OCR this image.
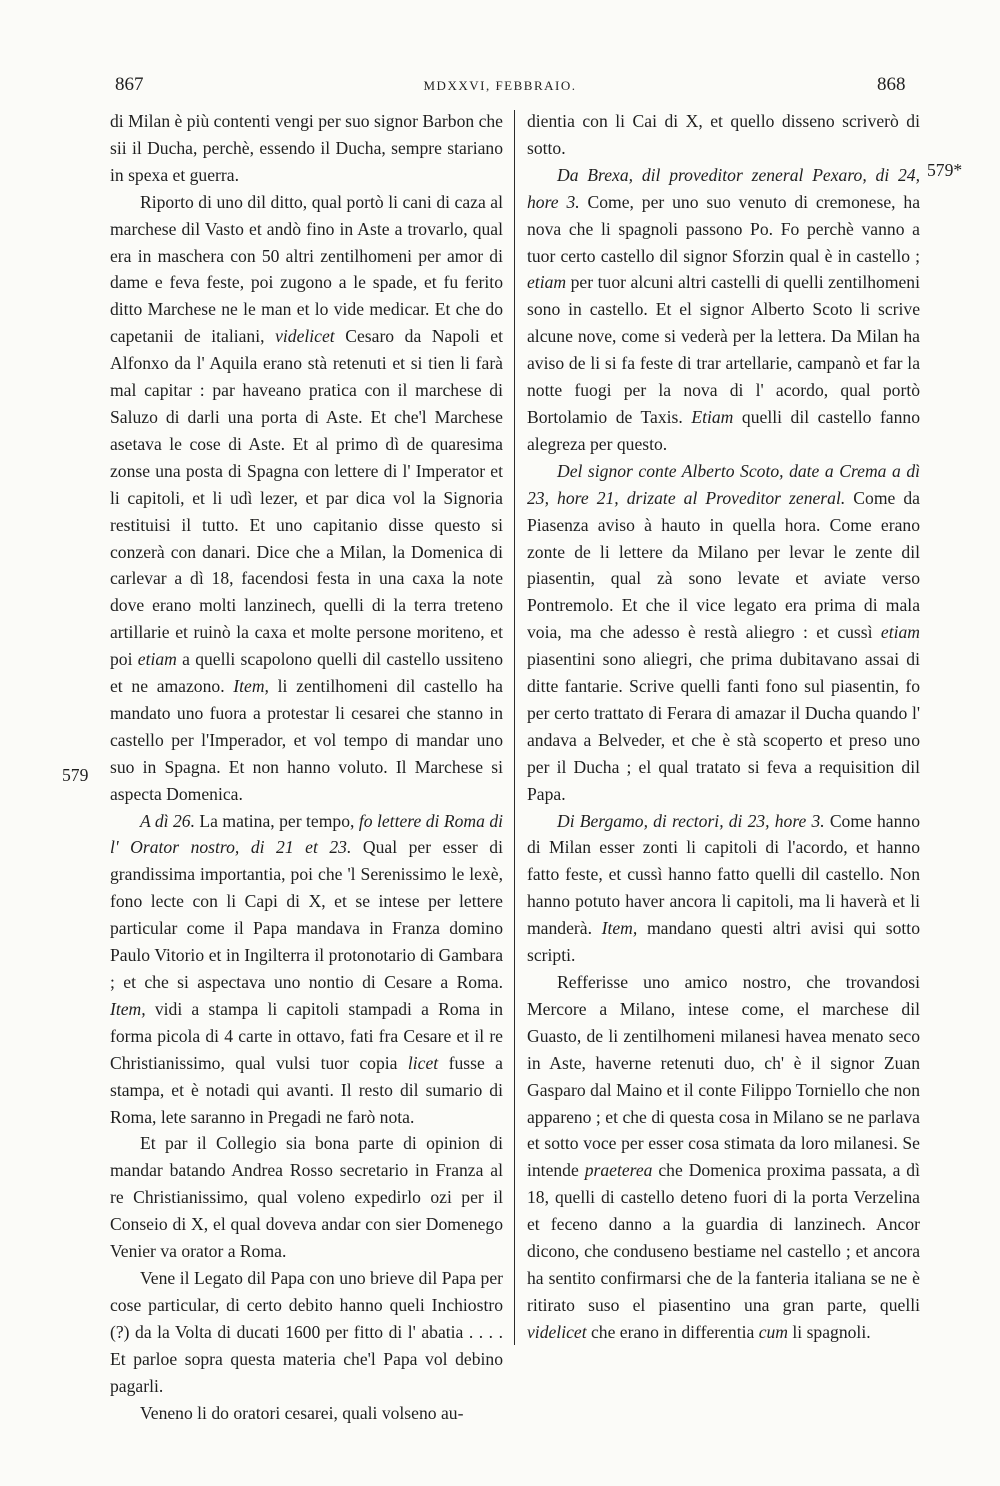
867	MDXXVI, FEBBRAIO.	868
579
579*

di Milan è più contenti vengi per suo signor Barbon che sii il Ducha, perchè, essendo il Ducha, sempre stariano in spexa et guerra.

Riporto di uno dil ditto, qual portò li cani di caza al marchese dil Vasto et andò fino in Aste a trovarlo, qual era in maschera con 50 altri zentilhomeni per amor di dame e feva feste, poi zugono a le spade, et fu ferito ditto Marchese ne le man et lo vide medicar. Et che do capetanii de italiani, videlicet Cesaro da Napoli et Alfonxo da l' Aquila erano stà retenuti et si tien li farà mal capitar : par haveano pratica con il marchese di Saluzo di darli una porta di Aste. Et che'l Marchese asetava le cose di Aste. Et al primo dì de quaresima zonse una posta di Spagna con lettere di l' Imperator et li capitoli, et li udì lezer, et par dica vol la Signoria restituisi il tutto. Et uno capitanio disse questo si conzerà con danari. Dice che a Milan, la Domenica di carlevar a dì 18, facendosi festa in una caxa la note dove erano molti lanzinech, quelli di la terra treteno artillarie et ruinò la caxa et molte persone moriteno, et poi etiam a quelli scapolono quelli dil castello ussiteno et ne amazono. Item, li zentilhomeni dil castello ha mandato uno fuora a protestar li cesarei che stanno in castello per l'Imperador, et vol tempo di mandar uno suo in Spagna. Et non hanno voluto. Il Marchese si aspecta Domenica.

A dì 26. La matina, per tempo, fo lettere di Roma di l' Orator nostro, di 21 et 23. Qual per esser di grandissima importantia, poi che 'l Serenissimo le lexè, fono lecte con li Capi di X, et se intese per lettere particular come il Papa mandava in Franza domino Paulo Vitorio et in Ingilterra il protonotario di Gambara ; et che si aspectava uno nontio di Cesare a Roma. Item, vidi a stampa li capitoli stampadi a Roma in forma picola di 4 carte in ottavo, fati fra Cesare et il re Christianissimo, qual vulsi tuor copia licet fusse a stampa, et è notadi qui avanti. Il resto dil sumario di Roma, lete saranno in Pregadi ne farò nota.

Et par il Collegio sia bona parte di opinion di mandar batando Andrea Rosso secretario in Franza al re Christianissimo, qual voleno expedirlo ozi per il Conseio di X, el qual doveva andar con sier Domenego Venier va orator a Roma.

Vene il Legato dil Papa con uno brieve dil Papa per cose particular, di certo debito hanno queli Inchiostro (?) da la Volta di ducati 1600 per fitto di l' abatia . . . . Et parloe sopra questa materia che'l Papa vol debino pagarli.

Veneno li do oratori cesarei, quali volseno au-

dientia con li Cai di X, et quello disseno scriverò di sotto.

Da Brexa, dil proveditor zeneral Pexaro, di 24, hore 3. Come, per uno suo venuto di cremonese, ha nova che li spagnoli passono Po. Fo perchè vanno a tuor certo castello dil signor Sforzin qual è in castello ; etiam per tuor alcuni altri castelli di quelli zentilhomeni sono in castello. Et el signor Alberto Scoto li scrive alcune nove, come si vederà per la lettera. Da Milan ha aviso de li si fa feste di trar artellarie, campanò et far la notte fuogi per la nova di l' acordo, qual portò Bortolamio de Taxis. Etiam quelli dil castello fanno alegreza per questo.

Del signor conte Alberto Scoto, date a Crema a dì 23, hore 21, drizate al Proveditor zeneral. Come da Piasenza aviso à hauto in quella hora. Come erano zonte de li lettere da Milano per levar le zente dil piasentin, qual zà sono levate et aviate verso Pontremolo. Et che il vice legato era prima di mala voia, ma che adesso è restà aliegro : et cussì etiam piasentini sono aliegri, che prima dubitavano assai di ditte fantarie. Scrive quelli fanti fono sul piasentin, fo per certo trattato di Ferara di amazar il Ducha quando l' andava a Belveder, et che è stà scoperto et preso uno per il Ducha ; el qual tratato si feva a requisition dil Papa.

Di Bergamo, di rectori, di 23, hore 3. Come hanno di Milan esser zonti li capitoli di l'acordo, et hanno fatto feste, et cussì hanno fatto quelli dil castello. Non hanno potuto haver ancora li capitoli, ma li haverà et li manderà. Item, mandano questi altri avisi qui sotto scripti.

Refferisse uno amico nostro, che trovandosi Mercore a Milano, intese come, el marchese dil Guasto, de li zentilhomeni milanesi havea menato seco in Aste, haverne retenuti duo, ch' è il signor Zuan Gasparo dal Maino et il conte Filippo Torniello che non appareno ; et che di questa cosa in Milano se ne parlava et sotto voce per esser cosa stimata da loro milanesi. Se intende praeterea che Domenica proxima passata, a dì 18, quelli di castello deteno fuori di la porta Verzelina et feceno danno a la guardia di lanzinech. Ancor dicono, che conduseno bestiame nel castello ; et ancora ha sentito confirmarsi che de la fanteria italiana se ne è ritirato suso el piasentino una gran parte, quelli videlicet che erano in differentia cum li spagnoli.
